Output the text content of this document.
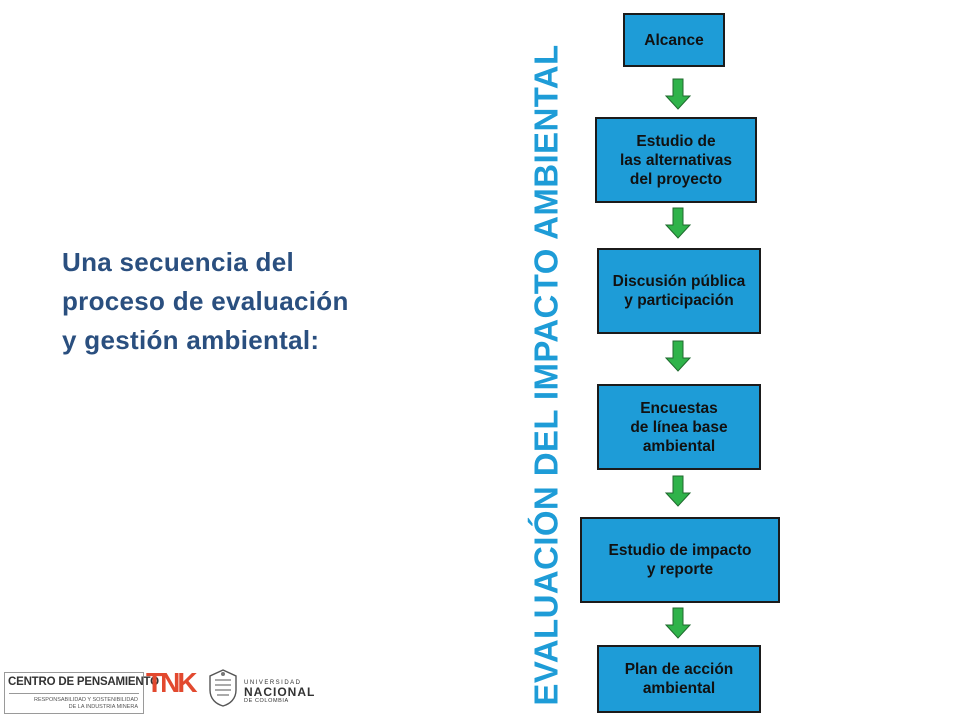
Una secuencia del
proceso de evaluación
y gestión ambiental:	EVALUACIÓN DEL IMPACTO AMBIENTAL
Alcance
Estudio de
las alternativas
del proyecto
Discusión pública
y participación
Encuestas
de línea base
ambiental
Estudio de impacto
y reporte
Plan de acción
ambiental
CENTRO DE PENSAMIENTO
RESPONSABILIDAD Y SOSTENIBILIDAD
DE LA INDUSTRIA MINERA
TNK	UNIVERSIDAD
NACIONAL
DE COLOMBIA
